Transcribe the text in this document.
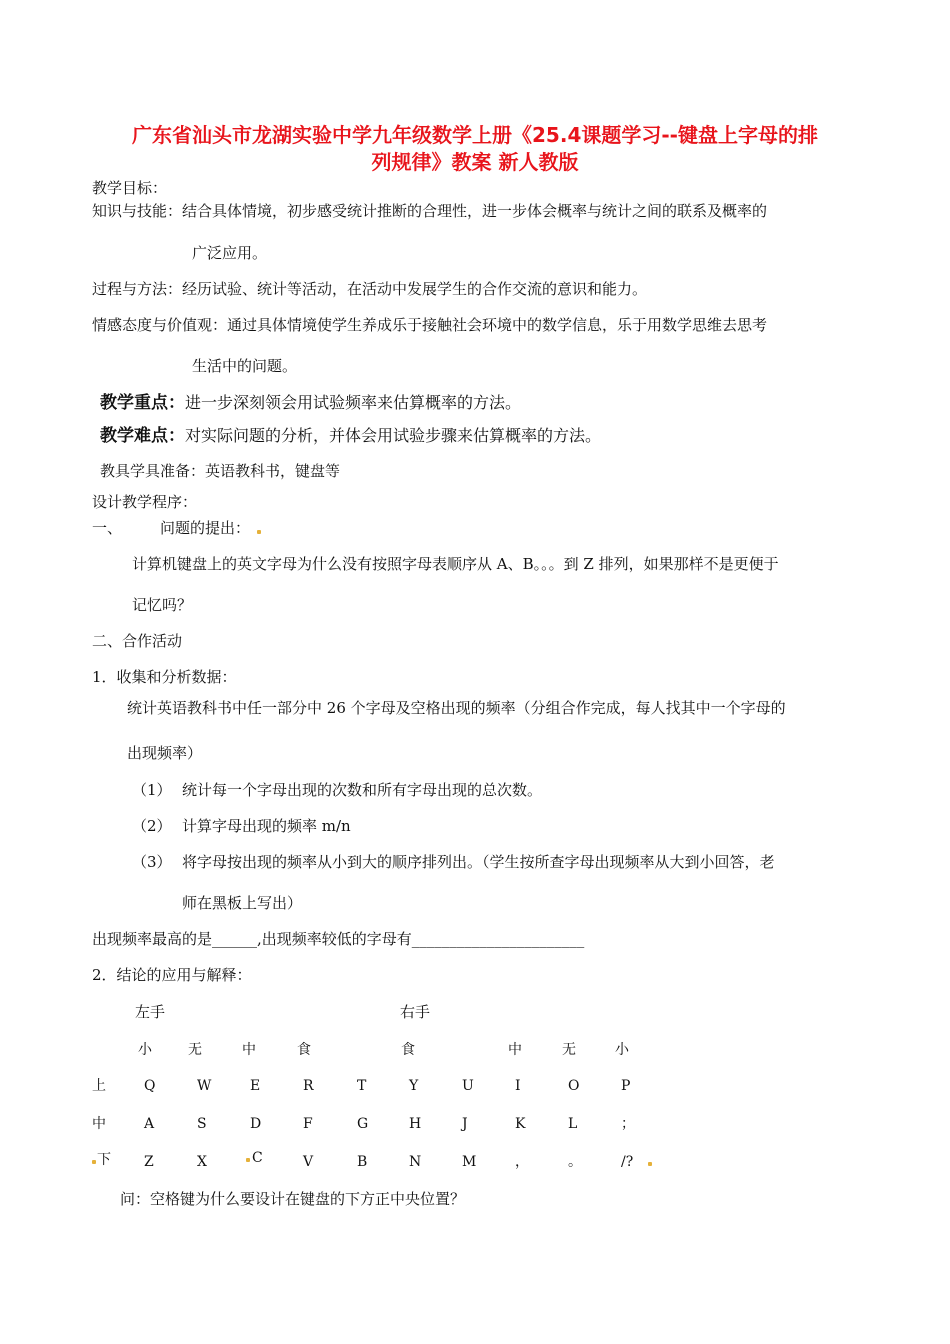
广东省汕头市龙湖实验中学九年级数学上册《25.4课题学习--键盘上字母的排
列规律》教案 新人教版
教学目标：
知识与技能：结合具体情境，初步感受统计推断的合理性，进一步体会概率与统计之间的联系及概率的
广泛应用。
过程与方法：经历试验、统计等活动，在活动中发展学生的合作交流的意识和能力。
情感态度与价值观：通过具体情境使学生养成乐于接触社会环境中的数学信息，乐于用数学思维去思考
生活中的问题。
教学重点：进一步深刻领会用试验频率来估算概率的方法。
教学难点：对实际问题的分析，并体会用试验步骤来估算概率的方法。
教具学具准备：英语教科书，键盘等
设计教学程序：
一、	问题的提出：
计算机键盘上的英文字母为什么没有按照字母表顺序从 A、B。。。到 Z 排列，如果那样不是更便于
记忆吗？
二、合作活动
1．收集和分析数据：
统计英语教科书中任一部分中 26 个字母及空格出现的频率（分组合作完成，每人找其中一个字母的
出现频率）
（1） 统计每一个字母出现的次数和所有字母出现的总次数。
（2） 计算字母出现的频率 m/n
（3） 将字母按出现的频率从小到大的顺序排列出。（学生按所查字母出现频率从大到小回答，老
师在黑板上写出）
出现频率最高的是______,出现频率较低的字母有_______________________
2．结论的应用与解释：
左手	右手
小	无	中	食	食	中	无	小
上	Q	W	E	R	T	Y	U	I	O	P
中	A	S	D	F	G	H	J	K	L	；
下 Z	X	C	V	B	N	M	，	。	/?
问：空格键为什么要设计在键盘的下方正中央位置？
